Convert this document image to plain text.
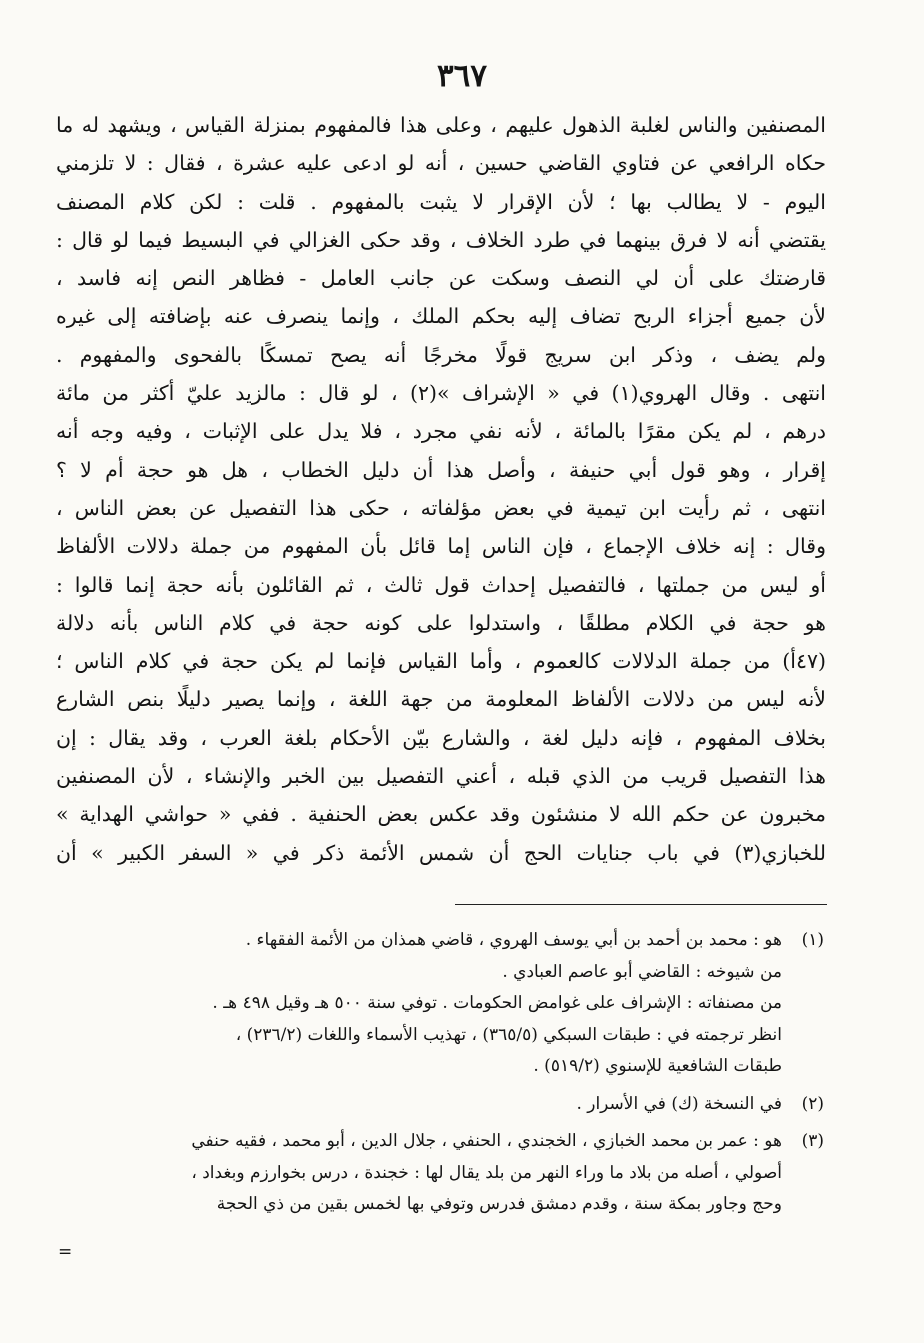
٣٦٧
المصنفين والناس لغلبة الذهول عليهم ، وعلى هذا فالمفهوم بمنزلة القياس ، ويشهد له ما
حكاه الرافعي عن فتاوي القاضي حسين ، أنه لو ادعى عليه عشرة ، فقال : لا تلزمني
اليوم - لا يطالب بها ؛ لأن الإقرار لا يثبت بالمفهوم . قلت : لكن كلام المصنف
يقتضي أنه لا فرق بينهما في طرد الخلاف ، وقد حكى الغزالي في البسيط فيما لو قال :
قارضتك على أن لي النصف وسكت عن جانب العامل - فظاهر النص إنه فاسد ،
لأن جميع أجزاء الربح تضاف إليه بحكم الملك ، وإنما ينصرف عنه بإضافته إلى غيره
ولم يضف ، وذكر ابن سريج قولًا مخرجًا أنه يصح تمسكًا بالفحوى والمفهوم .
انتهى . وقال الهروي(١) في « الإشراف »(٢) ، لو قال : مالزيد عليّ أكثر من مائة
درهم ، لم يكن مقرًا بالمائة ، لأنه نفي مجرد ، فلا يدل على الإثبات ، وفيه وجه أنه
إقرار ، وهو قول أبي حنيفة ، وأصل هذا أن دليل الخطاب ، هل هو حجة أم لا ؟
انتهى ، ثم رأيت ابن تيمية في بعض مؤلفاته ، حكى هذا التفصيل عن بعض الناس ،
وقال : إنه خلاف الإجماع ، فإن الناس إما قائل بأن المفهوم من جملة دلالات الألفاظ
أو ليس من جملتها ، فالتفصيل إحداث قول ثالث ، ثم القائلون بأنه حجة إنما قالوا :
هو حجة في الكلام مطلقًا ، واستدلوا على كونه حجة في كلام الناس بأنه دلالة
(٤٧أ) من جملة الدلالات كالعموم ، وأما القياس فإنما لم يكن حجة في كلام الناس ؛
لأنه ليس من دلالات الألفاظ المعلومة من جهة اللغة ، وإنما يصير دليلًا بنص الشارع
بخلاف المفهوم ، فإنه دليل لغة ، والشارع بيّن الأحكام بلغة العرب ، وقد يقال : إن
هذا التفصيل قريب من الذي قبله ، أعني التفصيل بين الخبر والإنشاء ، لأن المصنفين
مخبرون عن حكم الله لا منشئون وقد عكس بعض الحنفية . ففي « حواشي الهداية »
للخبازي(٣) في باب جنايات الحج أن شمس الأئمة ذكر في « السفر الكبير » أن
(١)هو : محمد بن أحمد بن أبي يوسف الهروي ، قاضي همذان من الأئمة الفقهاء .
من شيوخه : القاضي أبو عاصم العبادي .
من مصنفاته : الإشراف على غوامض الحكومات . توفي سنة ٥٠٠ هـ وقيل ٤٩٨ هـ .
انظر ترجمته في : طبقات السبكي (٣٦٥/٥) ، تهذيب الأسماء واللغات (٢٣٦/٢) ،
طبقات الشافعية للإسنوي (٥١٩/٢) .
(٢)في النسخة (ك) في الأسرار .
(٣)هو : عمر بن محمد الخبازي ، الخجندي ، الحنفي ، جلال الدين ، أبو محمد ، فقيه حنفي
أصولي ، أصله من بلاد ما وراء النهر من بلد يقال لها : خجندة ، درس بخوارزم وبغداد ،
وحج وجاور بمكة سنة ، وقدم دمشق فدرس وتوفي بها لخمس بقين من ذي الحجة
=
